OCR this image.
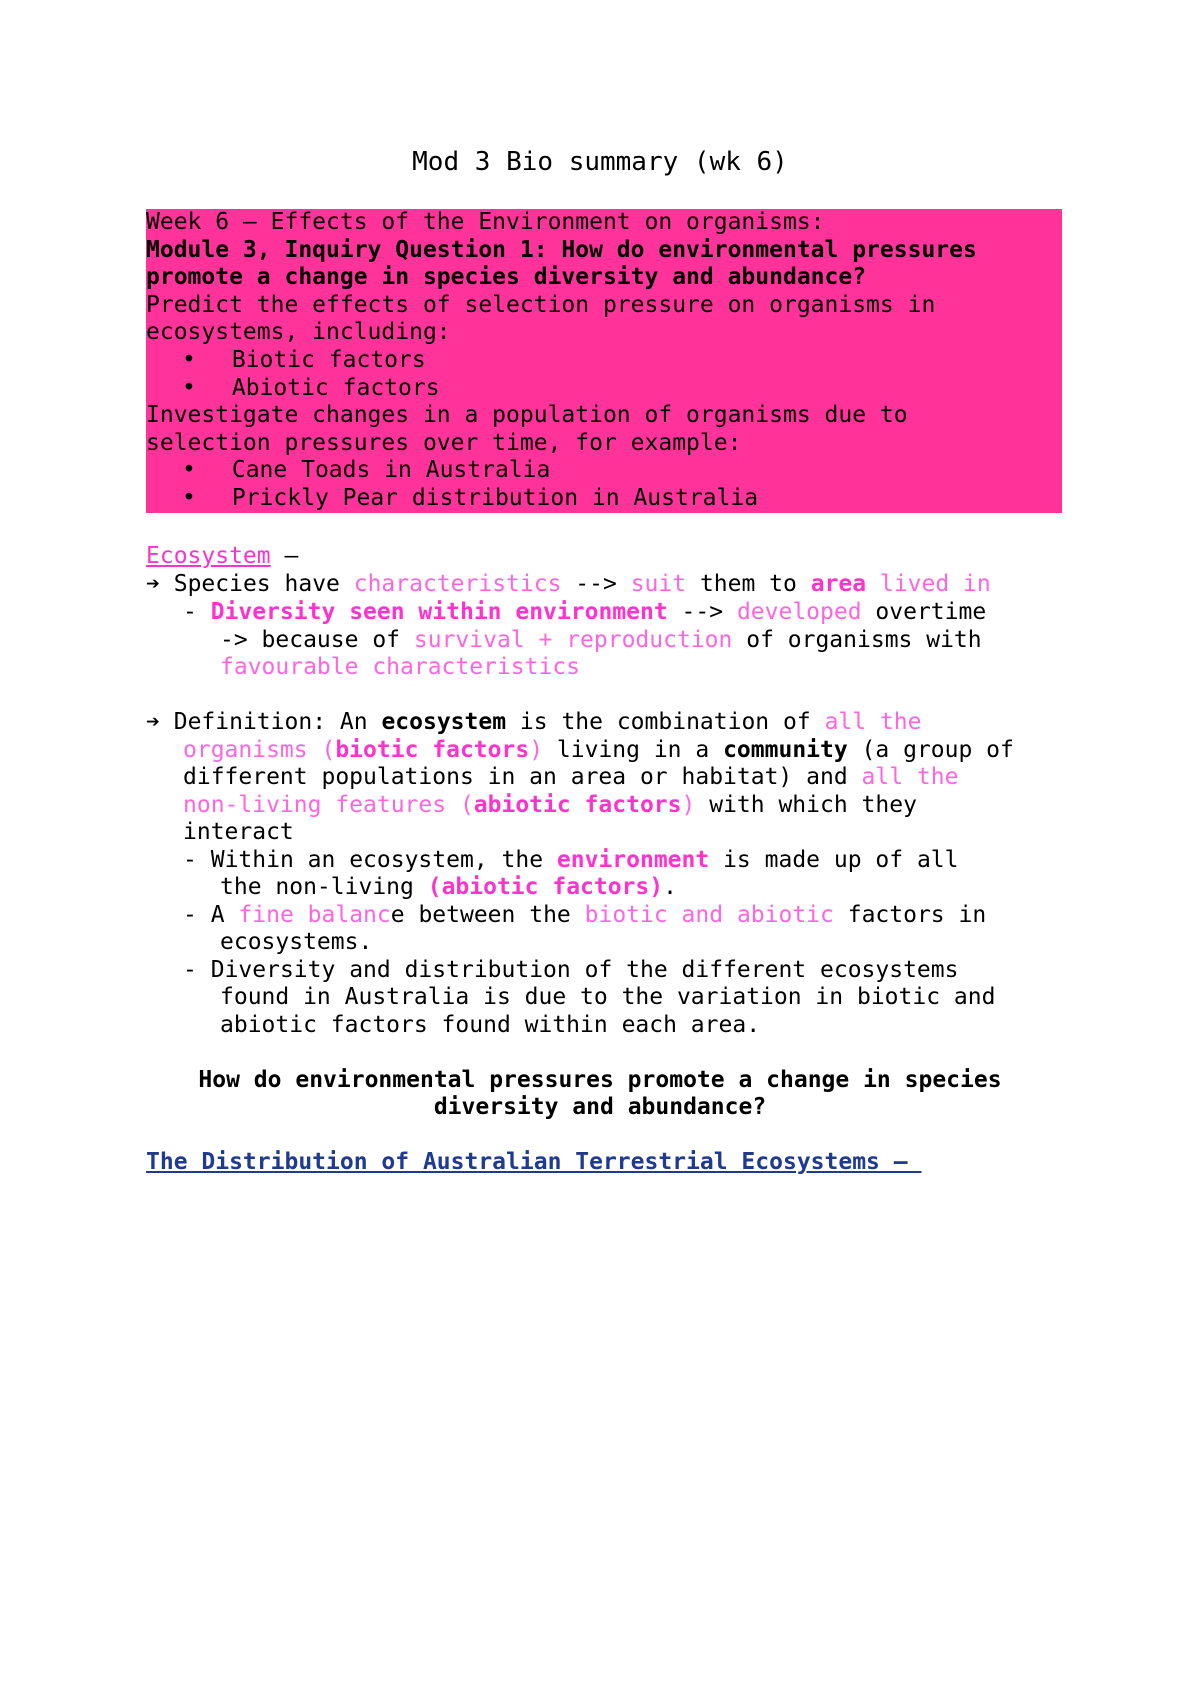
Mod 3 Bio summary (wk 6)
Week 6 – Effects of the Environment on organisms:
Module 3, Inquiry Question 1: How do environmental pressures
promote a change in species diversity and abundance?
Predict the effects of selection pressure on organisms in
ecosystems, including:
• Biotic factors
• Abiotic factors
Investigate changes in a population of organisms due to
selection pressures over time, for example:
• Cane Toads in Australia
• Prickly Pear distribution in Australia
Ecosystem –
➔ Species have characteristics --> suit them to area lived in
- Diversity seen within environment --> developed overtime
-> because of survival + reproduction of organisms with
favourable characteristics
➔ Definition: An ecosystem is the combination of all the
organisms (biotic factors) living in a community (a group of
different populations in an area or habitat) and all the
non-living features (abiotic factors) with which they
interact
- Within an ecosystem, the environment is made up of all
the non-living (abiotic factors).
- A fine balance between the biotic and abiotic factors in
ecosystems.
- Diversity and distribution of the different ecosystems
found in Australia is due to the variation in biotic and
abiotic factors found within each area.
How do environmental pressures promote a change in species
diversity and abundance?
The Distribution of Australian Terrestrial Ecosystems –
